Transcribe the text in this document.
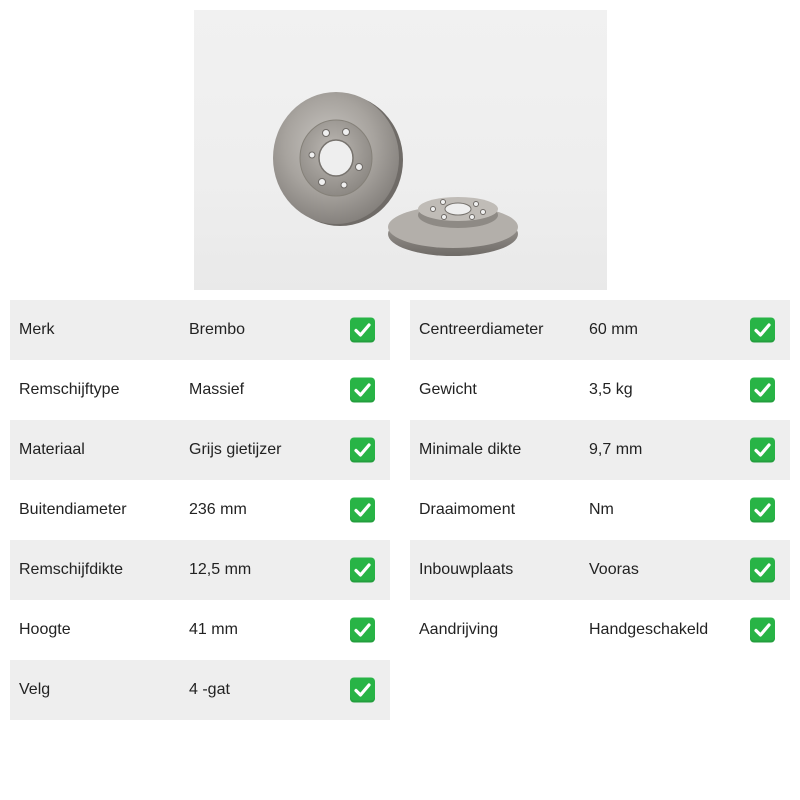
Merk	Brembo
Remschijftype	Massief
Materiaal	Grijs gietijzer
Buitendiameter	236 mm
Remschijfdikte	12,5 mm
Hoogte	41 mm
Velg	4 -gat
Centreerdiameter	60 mm
Gewicht	3,5 kg
Minimale dikte	9,7 mm
Draaimoment	Nm
Inbouwplaats	Vooras
Aandrijving	Handgeschakeld
